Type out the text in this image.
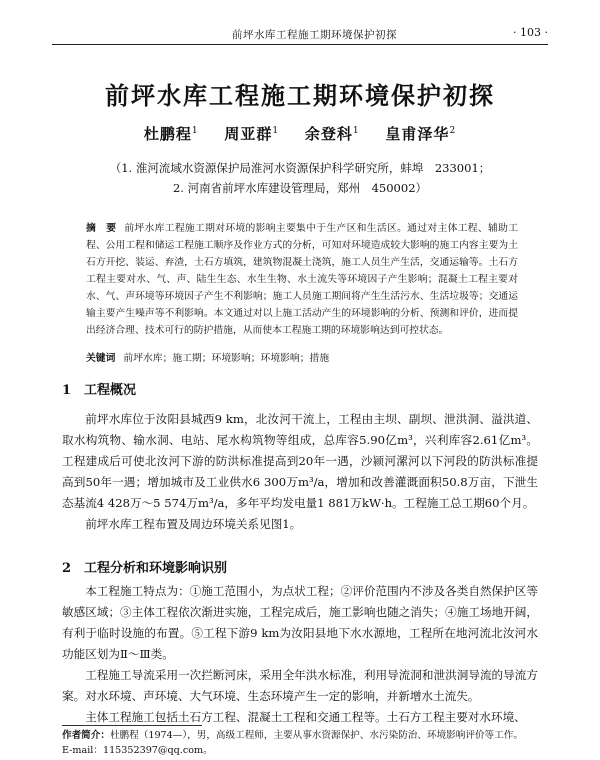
前坪水库工程施工期环境保护初探	· 103 ·
前坪水库工程施工期环境保护初探
杜鹏程$^1$ 周亚群$^1$ 余登科$^1$ 皇甫泽华$^2$
（1. 淮河流域水资源保护局淮河水资源保护科学研究所，蚌埠　233001；
2. 河南省前坪水库建设管理局，郑州　450002）
摘　要 前坪水库工程施工期对环境的影响主要集中于生产区和生活区。通过对主体工程、辅助工程、公用工程和储运工程施工顺序及作业方式的分析，可知对环境造成较大影响的施工内容主要为土石方开挖、装运、弃渣，土石方填筑，建筑物混凝土浇筑，施工人员生产生活，交通运输等。土石方工程主要对水、气、声、陆生生态、水生生物、水土流失等环境因子产生影响；混凝土工程主要对水、气、声环境等环境因子产生不利影响；施工人员施工期间将产生生活污水、生活垃圾等；交通运输主要产生噪声等不利影响。本文通过对以上施工活动产生的环境影响的分析、预测和评价，进而提出经济合理、技术可行的防护措施，从而使本工程施工期的环境影响达到可控状态。
关键词 前坪水库；施工期；环境影响；环境影响；措施
1 工程概况

前坪水库位于汝阳县城西9 km，北汝河干流上，工程由主坝、副坝、泄洪洞、溢洪道、取水构筑物、输水洞、电站、尾水构筑物等组成，总库容5.90亿m³，兴利库容2.61亿m³。工程建成后可使北汝河下游的防洪标准提高到20年一遇，沙颍河漯河以下河段的防洪标准提高到50年一遇；增加城市及工业供水6 300万m³/a，增加和改善灌溉面积50.8万亩，下泄生态基流4 428万～5 574万m³/a，多年平均发电量1 881万kW·h。工程施工总工期60个月。

前坪水库工程布置及周边环境关系见图1。

2 工程分析和环境影响识别

本工程施工特点为：①施工范围小，为点状工程；②评价范围内不涉及各类自然保护区等敏感区域；③主体工程依次渐进实施，工程完成后，施工影响也随之消失；④施工场地开阔，有利于临时设施的布置。⑤工程下游9 km为汝阳县地下水水源地，工程所在地河流北汝河水功能区划为Ⅱ～Ⅲ类。

工程施工导流采用一次拦断河床，采用全年洪水标准，利用导流洞和泄洪洞导流的导流方案。对水环境、声环境、大气环境、生态环境产生一定的影响，并新增水土流失。

主体工程施工包括土石方工程、混凝土工程和交通工程等。土石方工程主要对水环境、

作者简介：杜鹏程（1974—），男，高级工程师，主要从事水资源保护、水污染防治、环境影响评价等工作。
E-mail：115352397@qq.com。
